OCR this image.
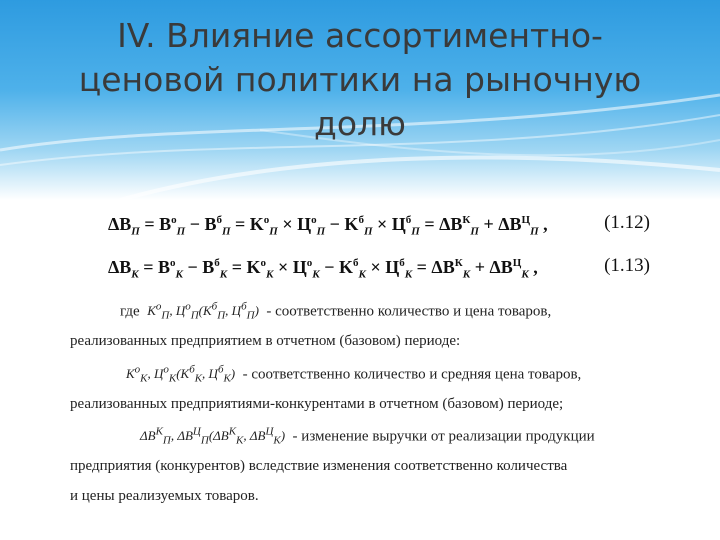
IV. Влияние ассортиментно-
ценовой политики на рыночную
долю
$\Delta B_П = B^о_П - B^б_П = K^о_П \times Ц^о_П - K^б_П \times Ц^б_П = \Delta B^К_П + \Delta B^Ц_П$ ,	(1.12)
$\Delta B_К = B^о_К - B^б_К = K^о_К \times Ц^о_К - K^б_К \times Ц^б_К = \Delta B^К_К + \Delta B^Ц_К$ ,	(1.13)
где $K^о_П$, $Ц^о_П(K^б_П$, $Ц^б_П$) - соответственно количество и цена товаров,
реализованных предприятием в отчетном (базовом) периоде:
$K^о_К$, $Ц^о_К(K^б_К$, $Ц^б_К$) - соответственно количество и средняя цена товаров,
реализованных предприятиями-конкурентами в отчетном (базовом) периоде;
$\Delta B^К_П$, $\Delta B^Ц_П(\Delta B^К_К$, $\Delta B^Ц_К$) - изменение выручки от реализации продукции
предприятия (конкурентов) вследствие изменения соответственно количества
и цены реализуемых товаров.
